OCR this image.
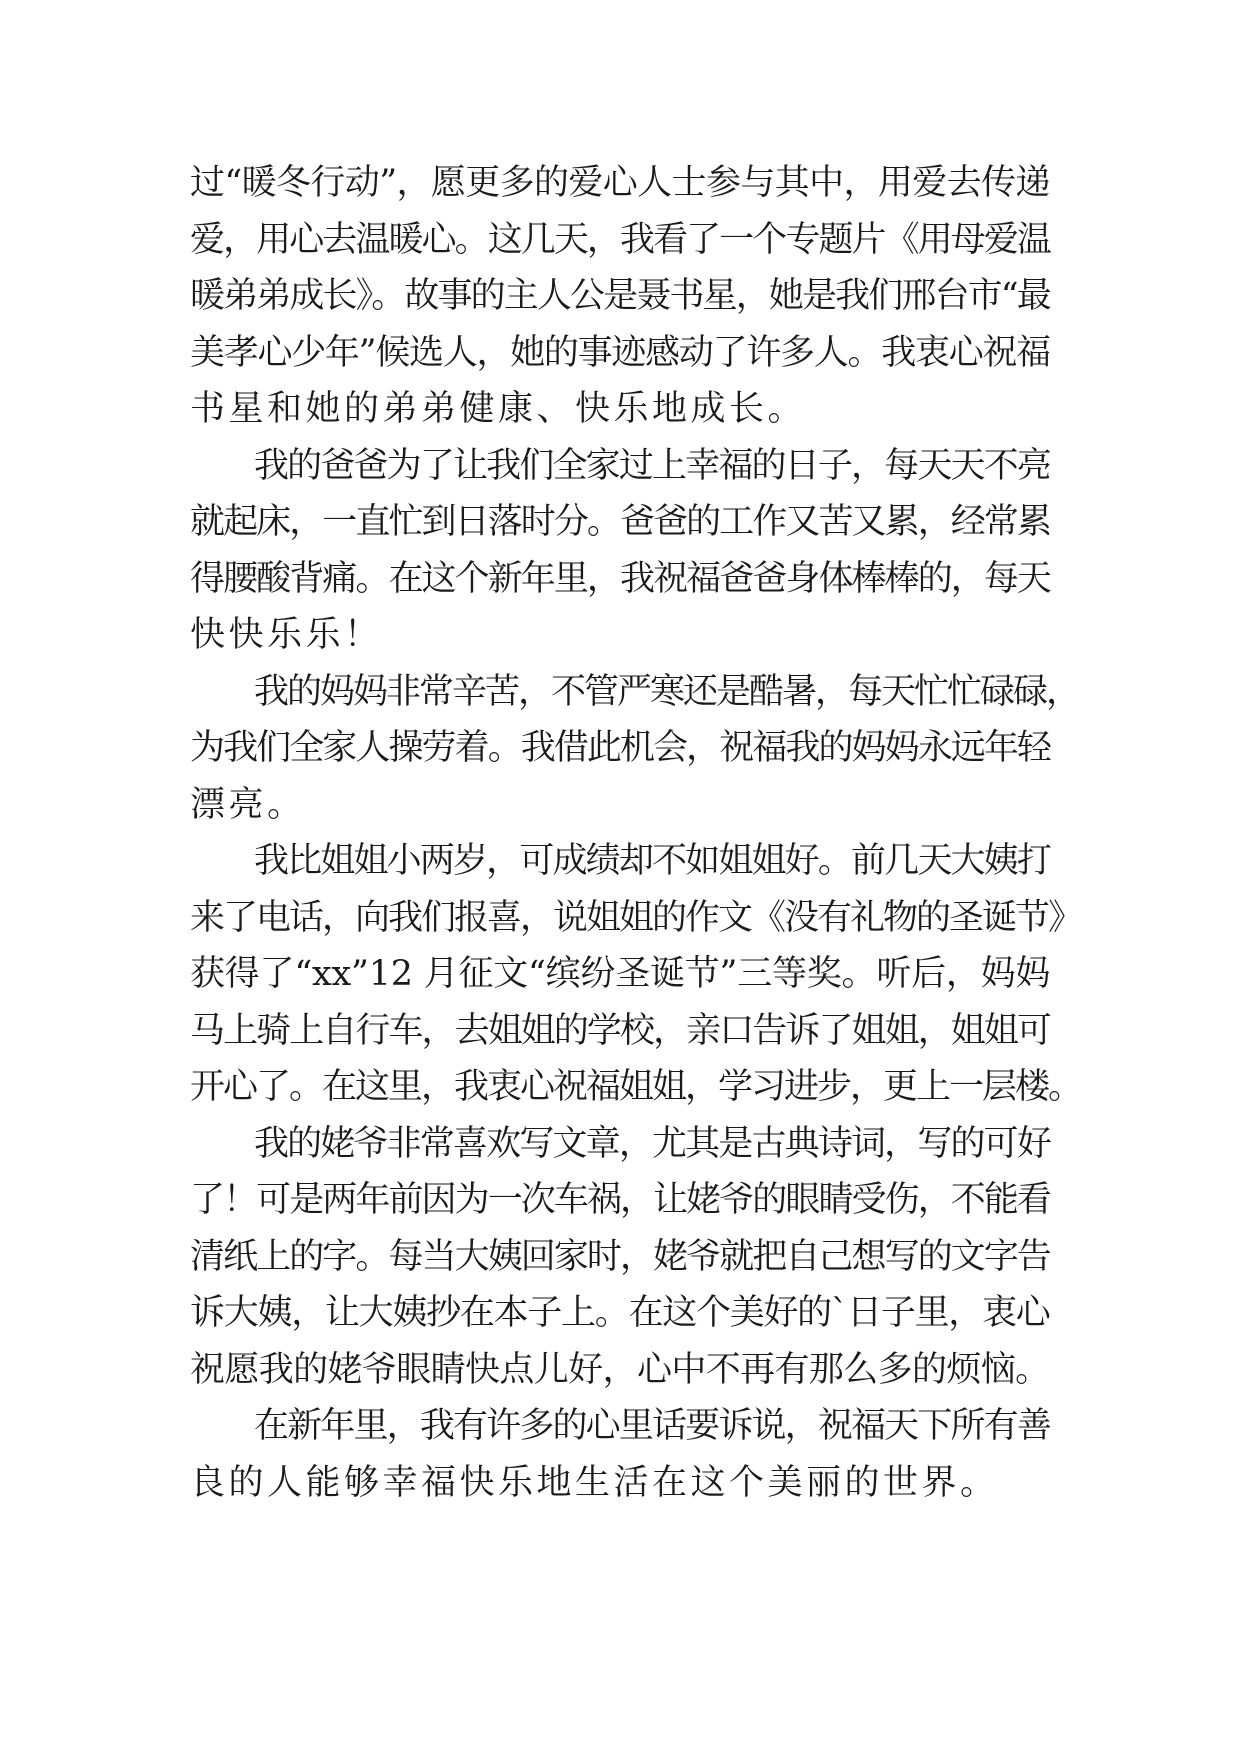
过“暖冬行动”，愿更多的爱心人士参与其中，用爱去传递
爱，用心去温暖心。这几天，我看了一个专题片《用母爱温
暖弟弟成长》。故事的主人公是聂书星，她是我们邢台市“最
美孝心少年”候选人，她的事迹感动了许多人。我衷心祝福
书星和她的弟弟健康、快乐地成长。
我的爸爸为了让我们全家过上幸福的日子，每天天不亮
就起床，一直忙到日落时分。爸爸的工作又苦又累，经常累
得腰酸背痛。在这个新年里，我祝福爸爸身体棒棒的，每天
快快乐乐！
我的妈妈非常辛苦，不管严寒还是酷暑，每天忙忙碌碌，
为我们全家人操劳着。我借此机会，祝福我的妈妈永远年轻
漂亮。
我比姐姐小两岁，可成绩却不如姐姐好。前几天大姨打
来了电话，向我们报喜，说姐姐的作文《没有礼物的圣诞节》
获得了“xx”12 月征文“缤纷圣诞节”三等奖。听后，妈妈
马上骑上自行车，去姐姐的学校，亲口告诉了姐姐，姐姐可
开心了。在这里，我衷心祝福姐姐，学习进步，更上一层楼。
我的姥爷非常喜欢写文章，尤其是古典诗词，写的可好
了！可是两年前因为一次车祸，让姥爷的眼睛受伤，不能看
清纸上的字。每当大姨回家时，姥爷就把自己想写的文字告
诉大姨，让大姨抄在本子上。在这个美好的`日子里，衷心
祝愿我的姥爷眼睛快点儿好，心中不再有那么多的烦恼。
在新年里，我有许多的心里话要诉说，祝福天下所有善
良的人能够幸福快乐地生活在这个美丽的世界。
